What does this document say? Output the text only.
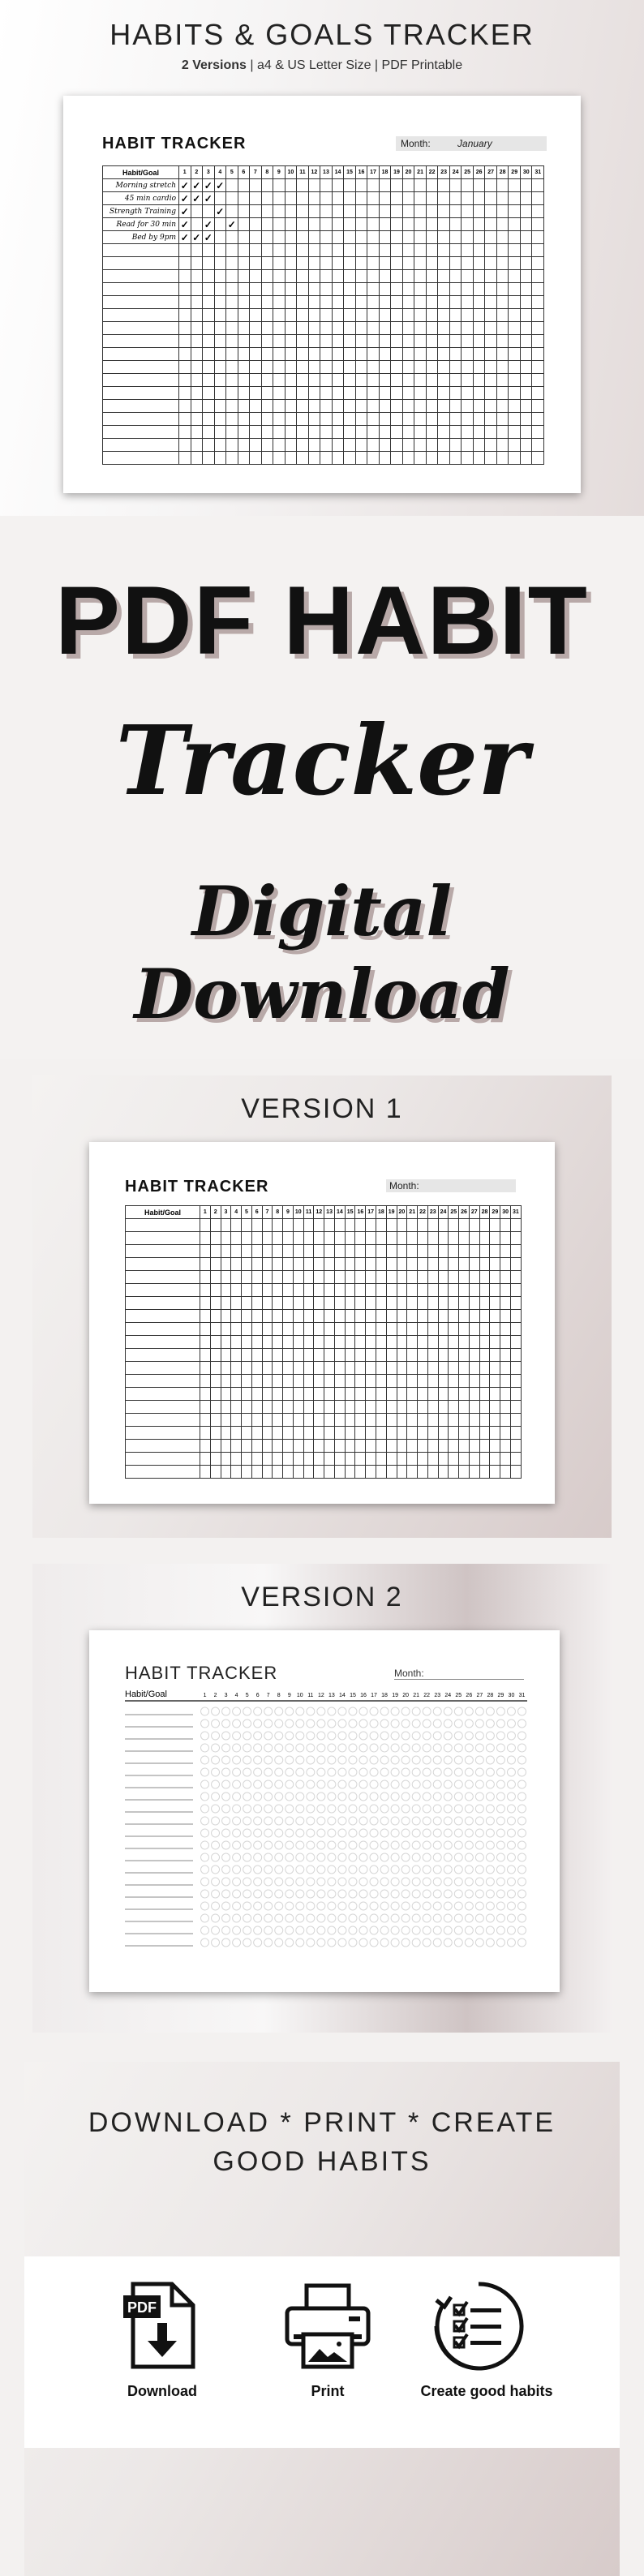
HABITS & GOALS TRACKER
2 Versions | a4 & US Letter Size | PDF Printable
HABIT TRACKER	Month:	January
Habit/Goal	1	2	3	4	5	6	7	8	9	10	11	12	13	14	15	16	17	18	19	20	21	22	23	24	25	26	27	28	29	30	31
Morning stretch	✓	✓	✓	✓																											
45 min cardio	✓	✓	✓																												
Strength Training	✓			✓																											
Read for 30 min	✓		✓		✓																										
Bed by 9pm	✓	✓	✓																												

PDF HABIT
Tracker
Digital
Download
VERSION 1
HABIT TRACKER	Month:
Habit/Goal	1	2	3	4	5	6	7	8	9	10	11	12	13	14	15	16	17	18	19	20	21	22	23	24	25	26	27	28	29	30	31

VERSION 2
HABIT TRACKER	Month:
Habit/Goal	1 2 3 4 5 6 7 8 9 10 11 12 13 14 15 16 17 18 19 20 21 22 23 24 25 26 27 28 29 30 31
DOWNLOAD * PRINT * CREATE
GOOD HABITS
PDF
Download	Print	Create good habits
